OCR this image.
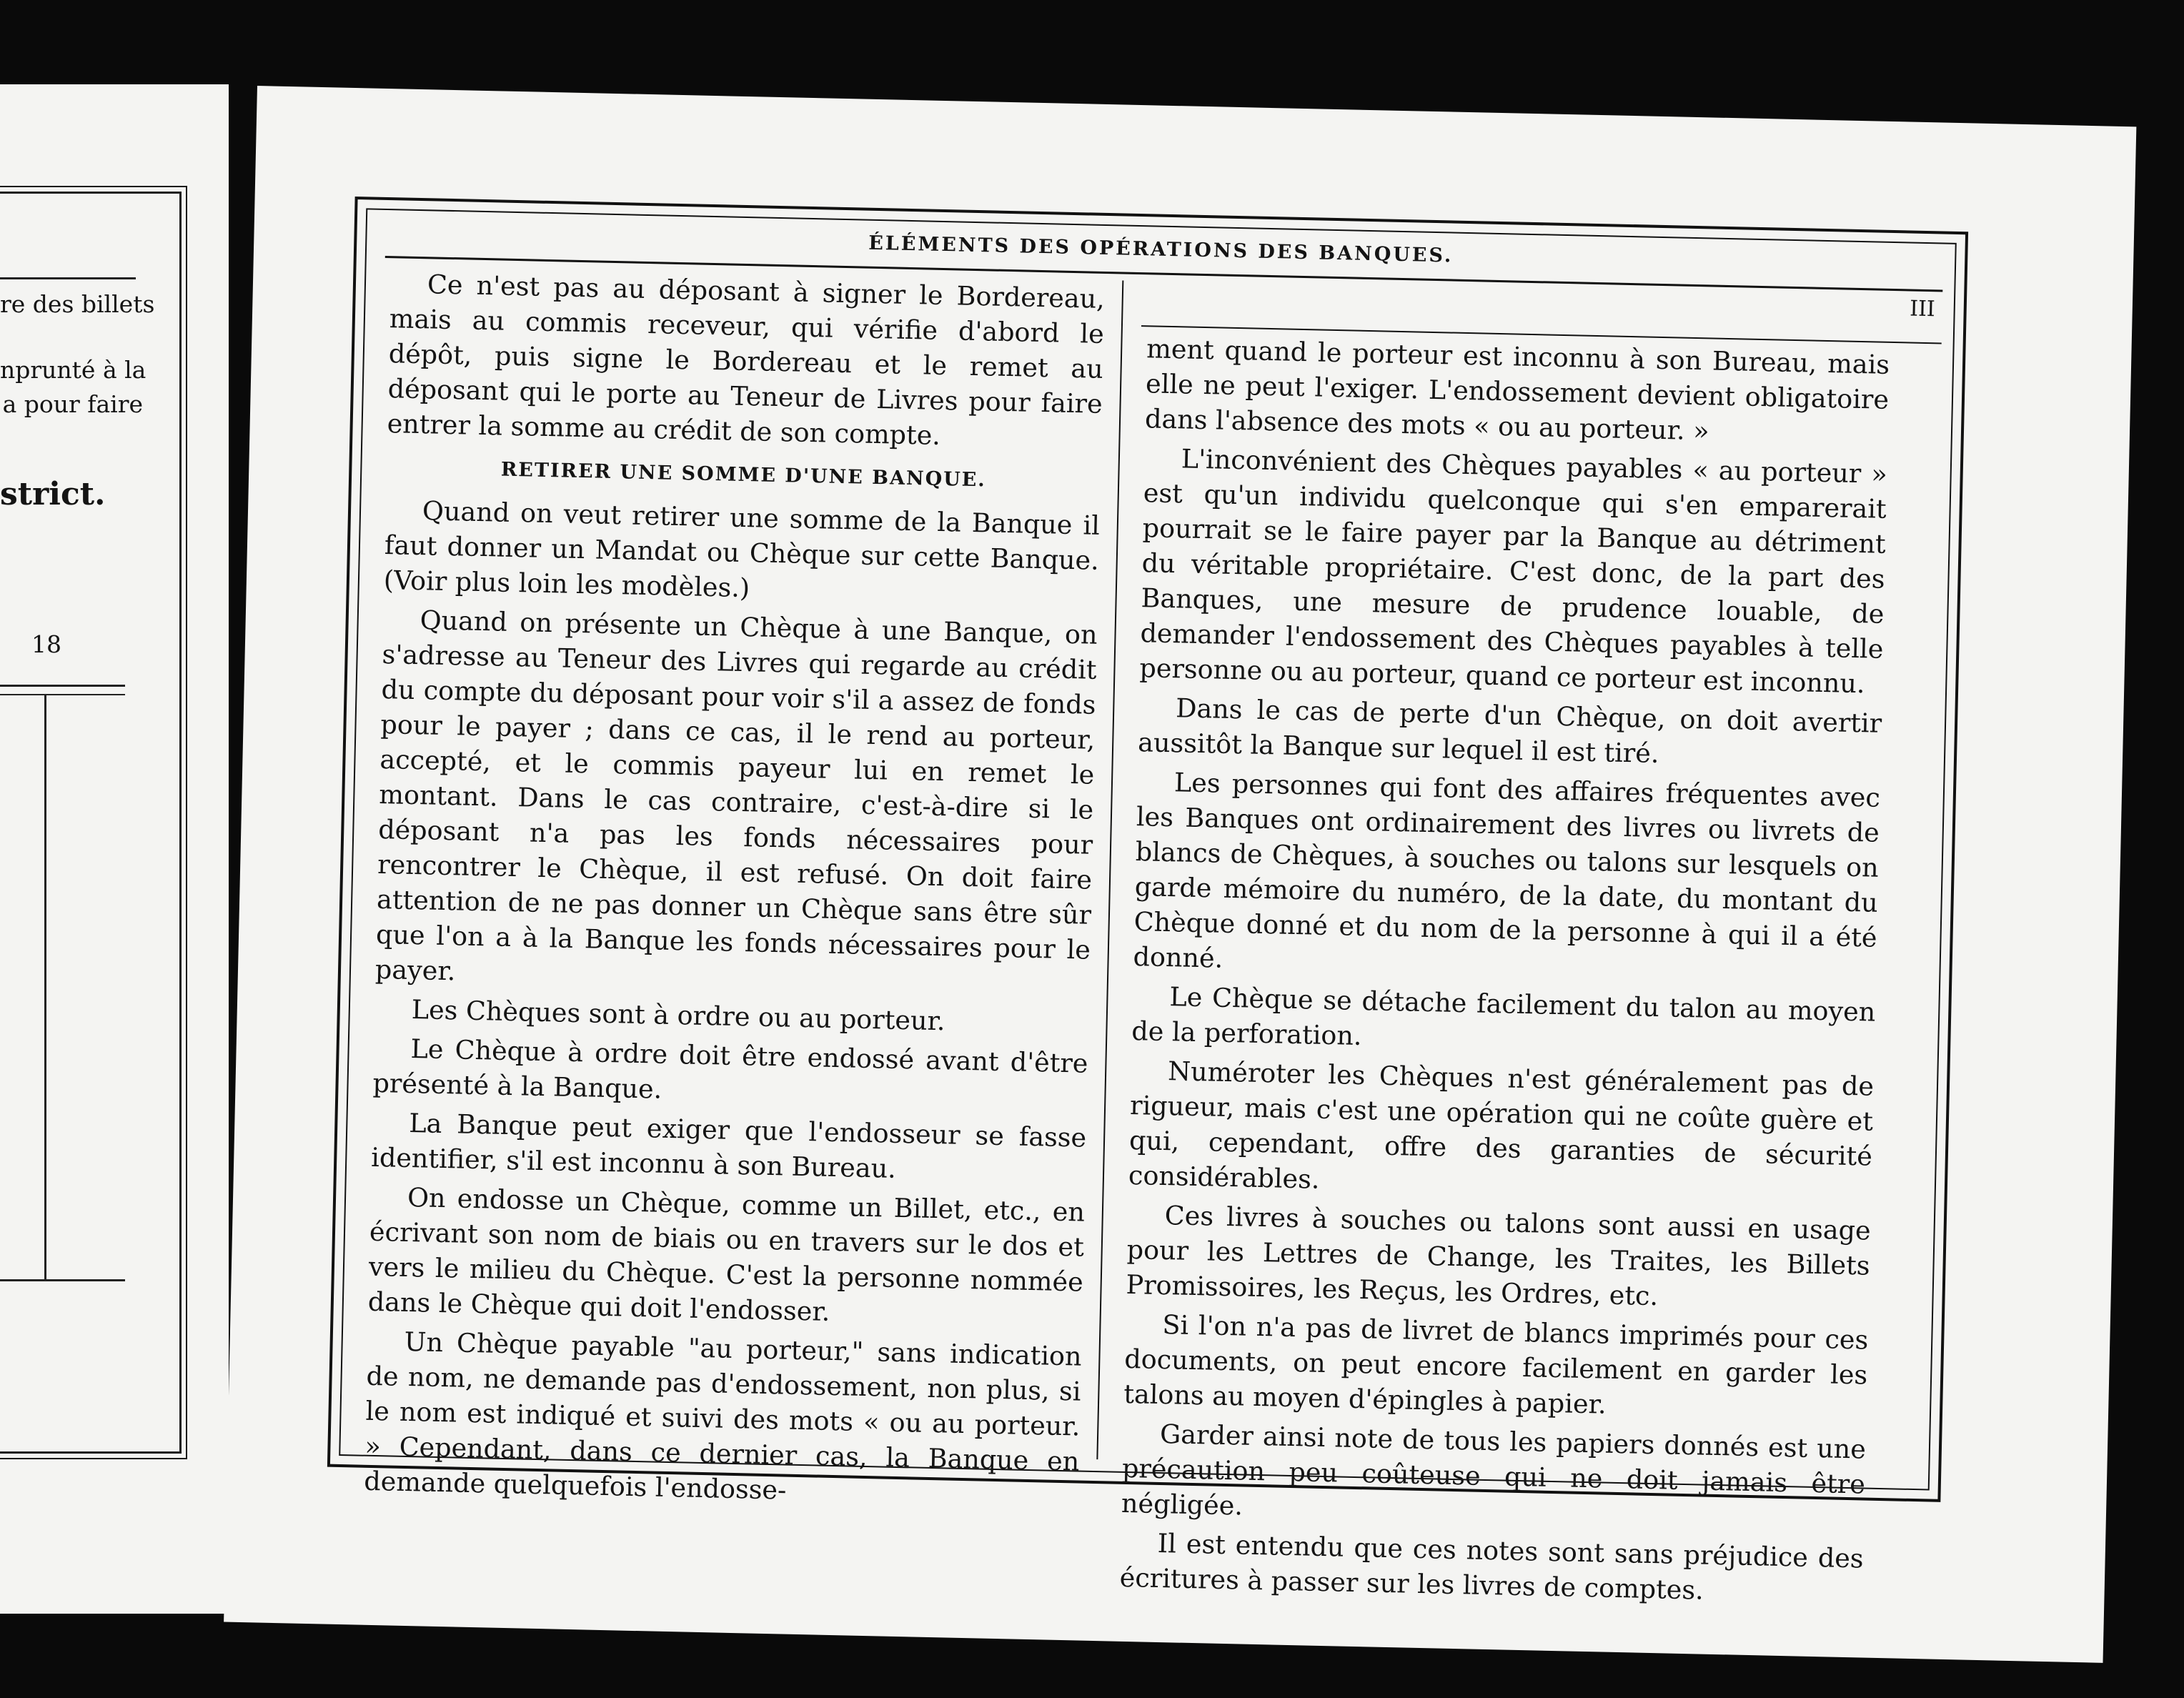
re des billets
nprunté à la
a pour faire
strict.
18
ÉLÉMENTS DES OPÉRATIONS DES BANQUES.
III

Ce n'est pas au déposant à signer le Bordereau, mais au commis receveur, qui vérifie d'abord le dépôt, puis signe le Bordereau et le remet au déposant qui le porte au Teneur de Livres pour faire entrer la somme au crédit de son compte.

RETIRER UNE SOMME D'UNE BANQUE.

Quand on veut retirer une somme de la Banque il faut donner un Mandat ou Chèque sur cette Banque. (Voir plus loin les modèles.)

Quand on présente un Chèque à une Banque, on s'adresse au Teneur des Livres qui regarde au crédit du compte du déposant pour voir s'il a assez de fonds pour le payer ; dans ce cas, il le rend au porteur, accepté, et le commis payeur lui en remet le montant. Dans le cas contraire, c'est-à-dire si le déposant n'a pas les fonds nécessaires pour rencontrer le Chèque, il est refusé. On doit faire attention de ne pas donner un Chèque sans être sûr que l'on a à la Banque les fonds nécessaires pour le payer.

Les Chèques sont à ordre ou au porteur.

Le Chèque à ordre doit être endossé avant d'être présenté à la Banque.

La Banque peut exiger que l'endosseur se fasse identifier, s'il est inconnu à son Bureau.

On endosse un Chèque, comme un Billet, etc., en écrivant son nom de biais ou en travers sur le dos et vers le milieu du Chèque. C'est la personne nommée dans le Chèque qui doit l'endosser.

Un Chèque payable "au porteur," sans indication de nom, ne demande pas d'endossement, non plus, si le nom est indiqué et suivi des mots « ou au porteur. » Cependant, dans ce dernier cas, la Banque en demande quelquefois l'endosse-

ment quand le porteur est inconnu à son Bureau, mais elle ne peut l'exiger. L'endossement devient obligatoire dans l'absence des mots « ou au porteur. »

L'inconvénient des Chèques payables « au porteur » est qu'un individu quelconque qui s'en emparerait pourrait se le faire payer par la Banque au détriment du véritable propriétaire. C'est donc, de la part des Banques, une mesure de prudence louable, de demander l'endossement des Chèques payables à telle personne ou au porteur, quand ce porteur est inconnu.

Dans le cas de perte d'un Chèque, on doit avertir aussitôt la Banque sur lequel il est tiré.

Les personnes qui font des affaires fréquentes avec les Banques ont ordinairement des livres ou livrets de blancs de Chèques, à souches ou talons sur lesquels on garde mémoire du numéro, de la date, du montant du Chèque donné et du nom de la personne à qui il a été donné.

Le Chèque se détache facilement du talon au moyen de la perforation.

Numéroter les Chèques n'est généralement pas de rigueur, mais c'est une opération qui ne coûte guère et qui, cependant, offre des garanties de sécurité considérables.

Ces livres à souches ou talons sont aussi en usage pour les Lettres de Change, les Traites, les Billets Promissoires, les Reçus, les Ordres, etc.

Si l'on n'a pas de livret de blancs imprimés pour ces documents, on peut encore facilement en garder les talons au moyen d'épingles à papier.

Garder ainsi note de tous les papiers donnés est une précaution peu coûteuse qui ne doit jamais être négligée.

Il est entendu que ces notes sont sans préjudice des écritures à passer sur les livres de comptes.
